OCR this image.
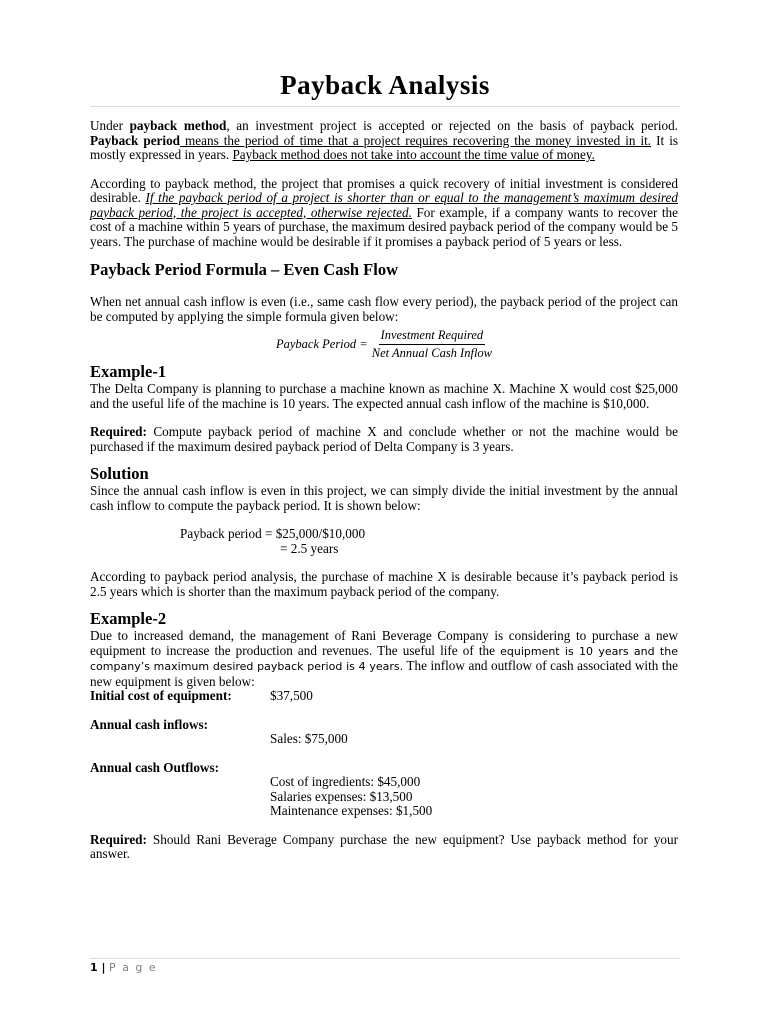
Payback Analysis

Under payback method, an investment project is accepted or rejected on the basis of payback period. Payback period means the period of time that a project requires recovering the money invested in it. It is mostly expressed in years. Payback method does not take into account the time value of money.

According to payback method, the project that promises a quick recovery of initial investment is considered desirable. If the payback period of a project is shorter than or equal to the management’s maximum desired payback period, the project is accepted, otherwise rejected. For example, if a company wants to recover the cost of a machine within 5 years of purchase, the maximum desired payback period of the company would be 5 years. The purchase of machine would be desirable if it promises a payback period of 5 years or less.

Payback Period Formula – Even Cash Flow

When net annual cash inflow is even (i.e., same cash flow every period), the payback period of the project can be computed by applying the simple formula given below:

Payback Period = $\frac{\text{Investment Required}}{\text{Net Annual Cash Inflow}}$
Example-1

The Delta Company is planning to purchase a machine known as machine X. Machine X would cost $25,000 and the useful life of the machine is 10 years. The expected annual cash inflow of the machine is $10,000.

Required: Compute payback period of machine X and conclude whether or not the machine would be purchased if the maximum desired payback period of Delta Company is 3 years.

Solution

Since the annual cash inflow is even in this project, we can simply divide the initial investment by the annual cash inflow to compute the payback period. It is shown below:

Payback period = $25,000/$10,000
= 2.5 years

According to payback period analysis, the purchase of machine X is desirable because it’s payback period is 2.5 years which is shorter than the maximum payback period of the company.

Example-2

Due to increased demand, the management of Rani Beverage Company is considering to purchase a new equipment to increase the production and revenues. The useful life of the equipment is 10 years and the company’s maximum desired payback period is 4 years. The inflow and outflow of cash associated with the new equipment is given below:

Initial cost of equipment:	$37,500
Annual cash inflows:
Sales: $75,000
Annual cash Outflows:
Cost of ingredients: $45,000
Salaries expenses: $13,500
Maintenance expenses: $1,500

Required: Should Rani Beverage Company purchase the new equipment? Use payback method for your answer.

1 | P a g e
